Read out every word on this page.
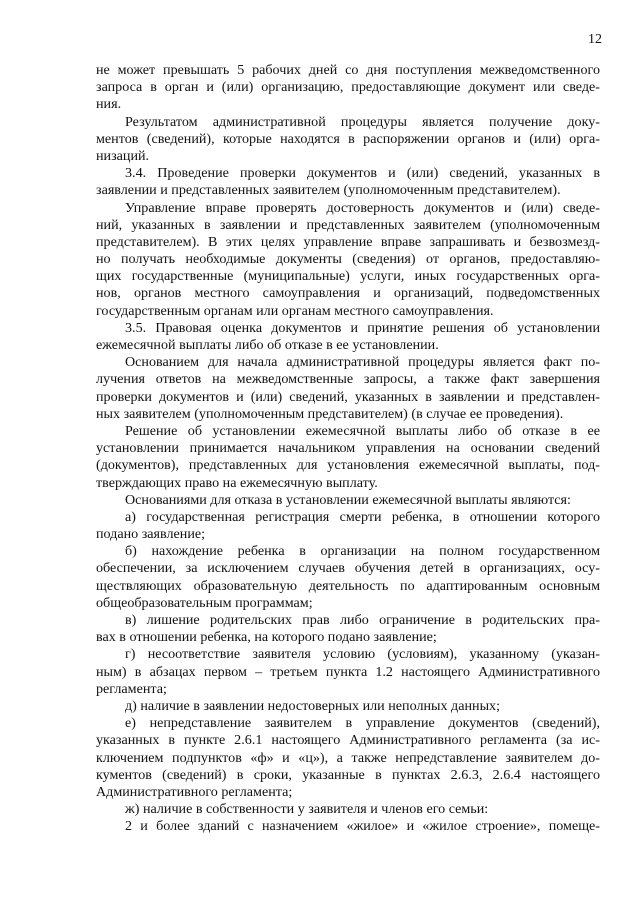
12
не может превышать 5 рабочих дней со дня поступления межведомственного
запроса в орган и (или) организацию, предоставляющие документ или сведе-
ния.
Результатом административной процедуры является получение доку-
ментов (сведений), которые находятся в распоряжении органов и (или) орга-
низаций.
3.4. Проведение проверки документов и (или) сведений, указанных в
заявлении и представленных заявителем (уполномоченным представителем).
Управление вправе проверять достоверность документов и (или) сведе-
ний, указанных в заявлении и представленных заявителем (уполномоченным
представителем). В этих целях управление вправе запрашивать и безвозмезд-
но получать необходимые документы (сведения) от органов, предоставляю-
щих государственные (муниципальные) услуги, иных государственных орга-
нов, органов местного самоуправления и организаций, подведомственных
государственным органам или органам местного самоуправления.
3.5. Правовая оценка документов и принятие решения об установлении
ежемесячной выплаты либо об отказе в ее установлении.
Основанием для начала административной процедуры является факт по-
лучения ответов на межведомственные запросы, а также факт завершения
проверки документов и (или) сведений, указанных в заявлении и представлен-
ных заявителем (уполномоченным представителем) (в случае ее проведения).
Решение об установлении ежемесячной выплаты либо об отказе в ее
установлении принимается начальником управления на основании сведений
(документов), представленных для установления ежемесячной выплаты, под-
тверждающих право на ежемесячную выплату.
Основаниями для отказа в установлении ежемесячной выплаты являются:
а) государственная регистрация смерти ребенка, в отношении которого
подано заявление;
б) нахождение ребенка в организации на полном государственном
обеспечении, за исключением случаев обучения детей в организациях, осу-
ществляющих образовательную деятельность по адаптированным основным
общеобразовательным программам;
в) лишение родительских прав либо ограничение в родительских пра-
вах в отношении ребенка, на которого подано заявление;
г) несоответствие заявителя условию (условиям), указанному (указан-
ным) в абзацах первом – третьем пункта 1.2 настоящего Административного
регламента;
д) наличие в заявлении недостоверных или неполных данных;
е) непредставление заявителем в управление документов (сведений),
указанных в пункте 2.6.1 настоящего Административного регламента (за ис-
ключением подпунктов «ф» и «ц»), а также непредставление заявителем до-
кументов (сведений) в сроки, указанные в пунктах 2.6.3, 2.6.4 настоящего
Административного регламента;
ж) наличие в собственности у заявителя и членов его семьи:
2 и более зданий с назначением «жилое» и «жилое строение», помеще-
